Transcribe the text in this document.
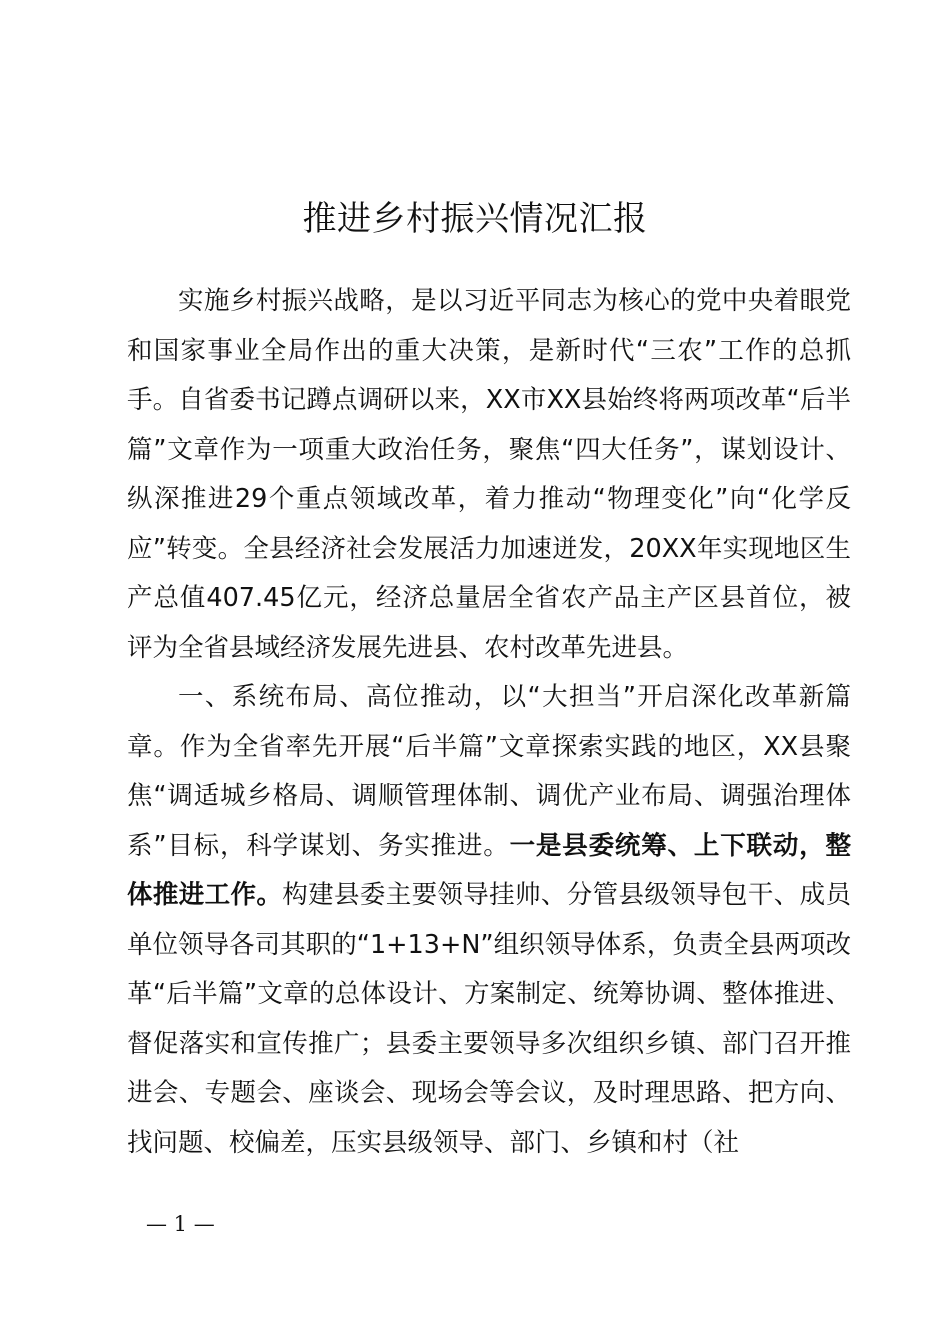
推进乡村振兴情况汇报

实施乡村振兴战略，是以习近平同志为核心的党中央着眼党和国家事业全局作出的重大决策，是新时代“三农”工作的总抓手。自省委书记蹲点调研以来，XX市XX县始终将两项改革“后半篇”文章作为一项重大政治任务，聚焦“四大任务”，谋划设计、纵深推进29个重点领域改革，着力推动“物理变化”向“化学反应”转变。全县经济社会发展活力加速迸发，20XX年实现地区生产总值407.45亿元，经济总量居全省农产品主产区县首位，被评为全省县域经济发展先进县、农村改革先进县。

一、系统布局、高位推动，以“大担当”开启深化改革新篇章。作为全省率先开展“后半篇”文章探索实践的地区，XX县聚焦“调适城乡格局、调顺管理体制、调优产业布局、调强治理体系”目标，科学谋划、务实推进。一是县委统筹、上下联动，整体推进工作。构建县委主要领导挂帅、分管县级领导包干、成员单位领导各司其职的“1+13+N”组织领导体系，负责全县两项改革“后半篇”文章的总体设计、方案制定、统筹协调、整体推进、督促落实和宣传推广；县委主要领导多次组织乡镇、部门召开推进会、专题会、座谈会、现场会等会议，及时理思路、把方向、找问题、校偏差，压实县级领导、部门、乡镇和村（社

— 1 —
